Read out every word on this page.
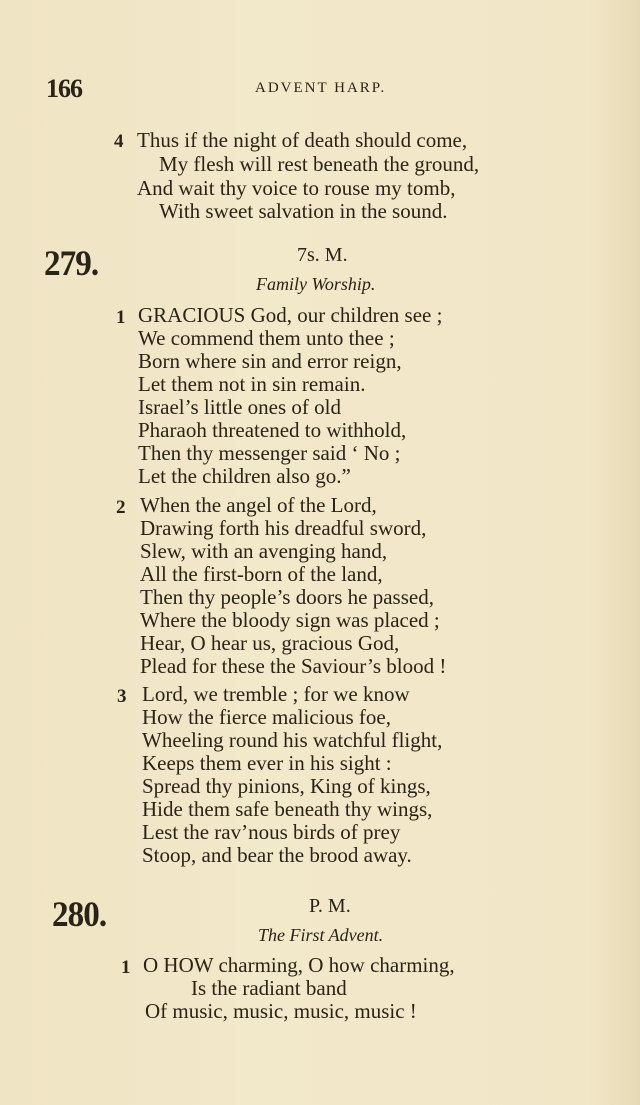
166	ADVENT HARP.
4 Thus if the night of death should come,
My flesh will rest beneath the ground,
And wait thy voice to rouse my tomb,
With sweet salvation in the sound.
279.	7s. M.
Family Worship.
1 GRACIOUS God, our children see ;
We commend them unto thee ;
Born where sin and error reign,
Let them not in sin remain.
Israel’s little ones of old
Pharaoh threatened to withhold,
Then thy messenger said ‘ No ;
Let the children also go.”
2 When the angel of the Lord,
Drawing forth his dreadful sword,
Slew, with an avenging hand,
All the first-born of the land,
Then thy people’s doors he passed,
Where the bloody sign was placed ;
Hear, O hear us, gracious God,
Plead for these the Saviour’s blood !
3 Lord, we tremble ; for we know
How the fierce malicious foe,
Wheeling round his watchful flight,
Keeps them ever in his sight :
Spread thy pinions, King of kings,
Hide them safe beneath thy wings,
Lest the rav’nous birds of prey
Stoop, and bear the brood away.
280.	P. M.
The First Advent.
1 O HOW charming, O how charming,
Is the radiant band
Of music, music, music, music !
